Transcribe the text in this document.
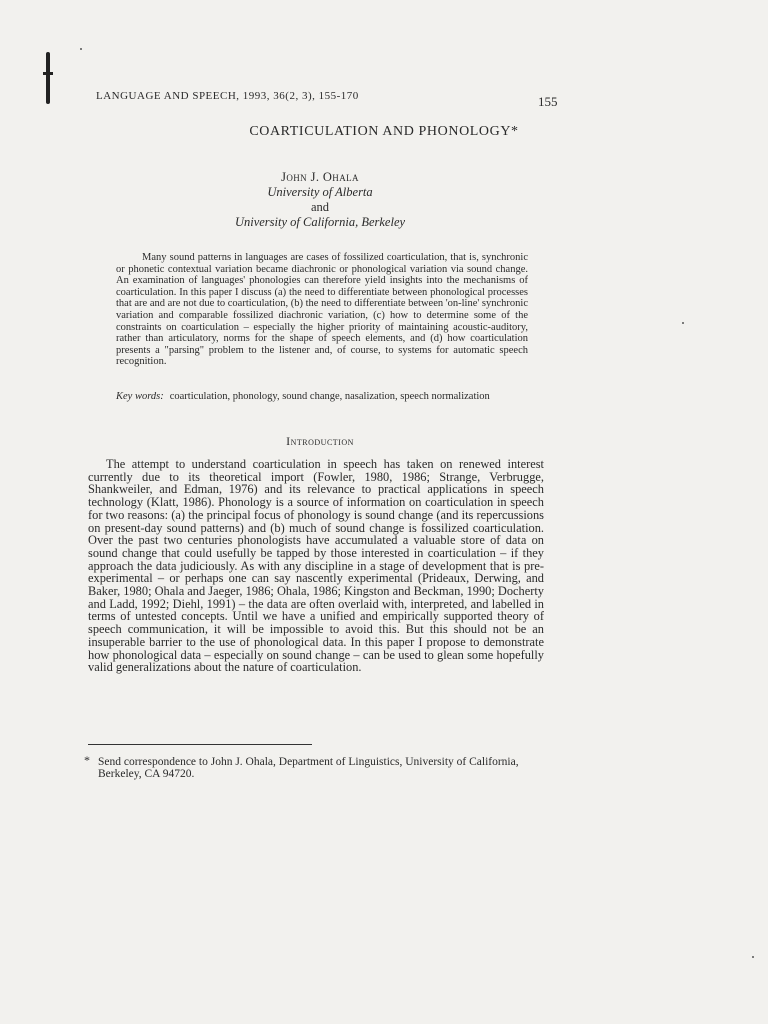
LANGUAGE AND SPEECH, 1993, 36(2, 3), 155-170	155
COARTICULATION AND PHONOLOGY*
John J. Ohala
University of Alberta
and
University of California, Berkeley
Many sound patterns in languages are cases of fossilized coarticulation, that is, synchronic or phonetic contextual variation became diachronic or phonological variation via sound change. An examination of languages' phonologies can therefore yield insights into the mechanisms of coarticulation. In this paper I discuss (a) the need to differentiate between phonological processes that are and are not due to coarticulation, (b) the need to differentiate between 'on-line' synchronic variation and comparable fossilized diachronic variation, (c) how to determine some of the constraints on coarticulation – especially the higher priority of maintaining acoustic-auditory, rather than articulatory, norms for the shape of speech elements, and (d) how coarticulation presents a "parsing" problem to the listener and, of course, to systems for automatic speech recognition.
Key words: coarticulation, phonology, sound change, nasalization, speech normalization
Introduction
The attempt to understand coarticulation in speech has taken on renewed interest currently due to its theoretical import (Fowler, 1980, 1986; Strange, Verbrugge, Shankweiler, and Edman, 1976) and its relevance to practical applications in speech technology (Klatt, 1986). Phonology is a source of information on coarticulation in speech for two reasons: (a) the principal focus of phonology is sound change (and its repercussions on present-day sound patterns) and (b) much of sound change is fossilized coarticulation. Over the past two centuries phonologists have accumulated a valuable store of data on sound change that could usefully be tapped by those interested in coarticulation – if they approach the data judiciously. As with any discipline in a stage of development that is pre-experimental – or perhaps one can say nascently experimental (Prideaux, Derwing, and Baker, 1980; Ohala and Jaeger, 1986; Ohala, 1986; Kingston and Beckman, 1990; Docherty and Ladd, 1992; Diehl, 1991) – the data are often overlaid with, interpreted, and labelled in terms of untested concepts. Until we have a unified and empirically supported theory of speech communication, it will be impossible to avoid this. But this should not be an insuperable barrier to the use of phonological data. In this paper I propose to demonstrate how phonological data – especially on sound change – can be used to glean some hopefully valid generalizations about the nature of coarticulation.
* Send correspondence to John J. Ohala, Department of Linguistics, University of California, Berkeley, CA 94720.
